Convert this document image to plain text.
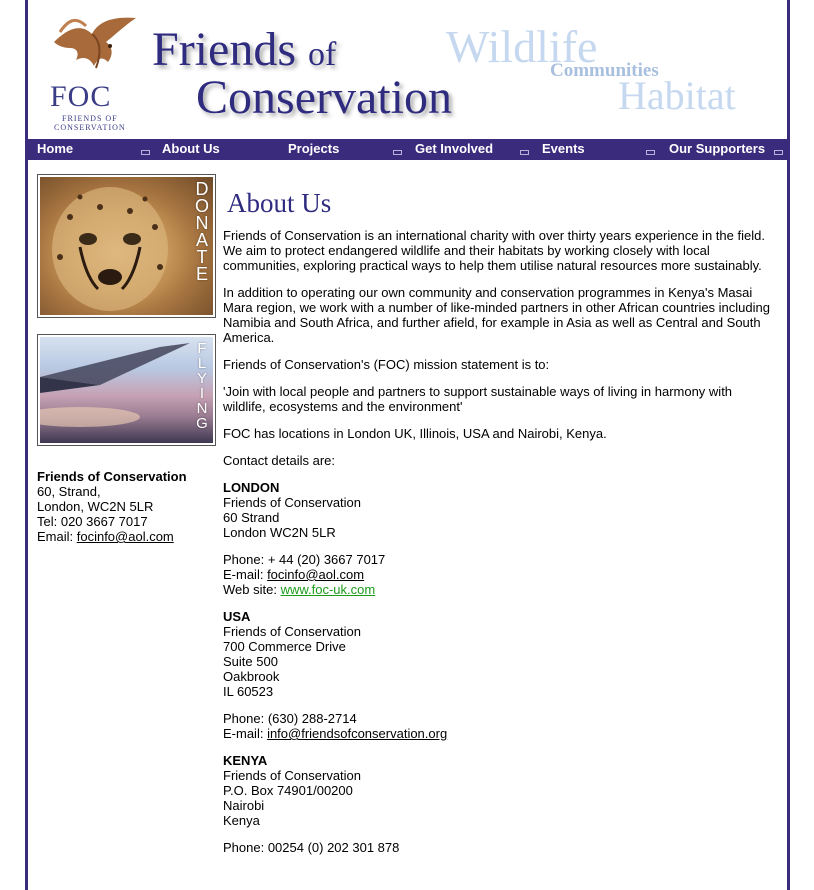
FOC
FRIENDS OF
CONSERVATION
Wildlife
Habitat
Communities
Friends of
Conservation
Home	About Us	Projects	Get Involved	Events	Our Supporters
D
O
N
A
T
E
F
L
Y
I
N
G
Friends of Conservation
60, Strand,
London, WC2N 5LR
Tel: 020 3667 7017
Email: focinfo@aol.com
About Us

Friends of Conservation is an international charity with over thirty years experience in the field. We aim to protect endangered wildlife and their habitats by working closely with local communities, exploring practical ways to help them utilise natural resources more sustainably.

In addition to operating our own community and conservation programmes in Kenya's Masai Mara region, we work with a number of like-minded partners in other African countries including Namibia and South Africa, and further afield, for example in Asia as well as Central and South America.

Friends of Conservation's (FOC) mission statement is to:

'Join with local people and partners to support sustainable ways of living in harmony with wildlife, ecosystems and the environment'

FOC has locations in London UK, Illinois, USA and Nairobi, Kenya.

Contact details are:

LONDON
Friends of Conservation
60 Strand
London WC2N 5LR
Phone: + 44 (20) 3667 7017
E-mail: focinfo@aol.com
Web site: www.foc-uk.com
USA
Friends of Conservation
700 Commerce Drive
Suite 500
Oakbrook
IL 60523
Phone: (630) 288-2714
E-mail: info@friendsofconservation.org
KENYA
Friends of Conservation
P.O. Box 74901/00200
Nairobi
Kenya
Phone: 00254 (0) 202 301 878
